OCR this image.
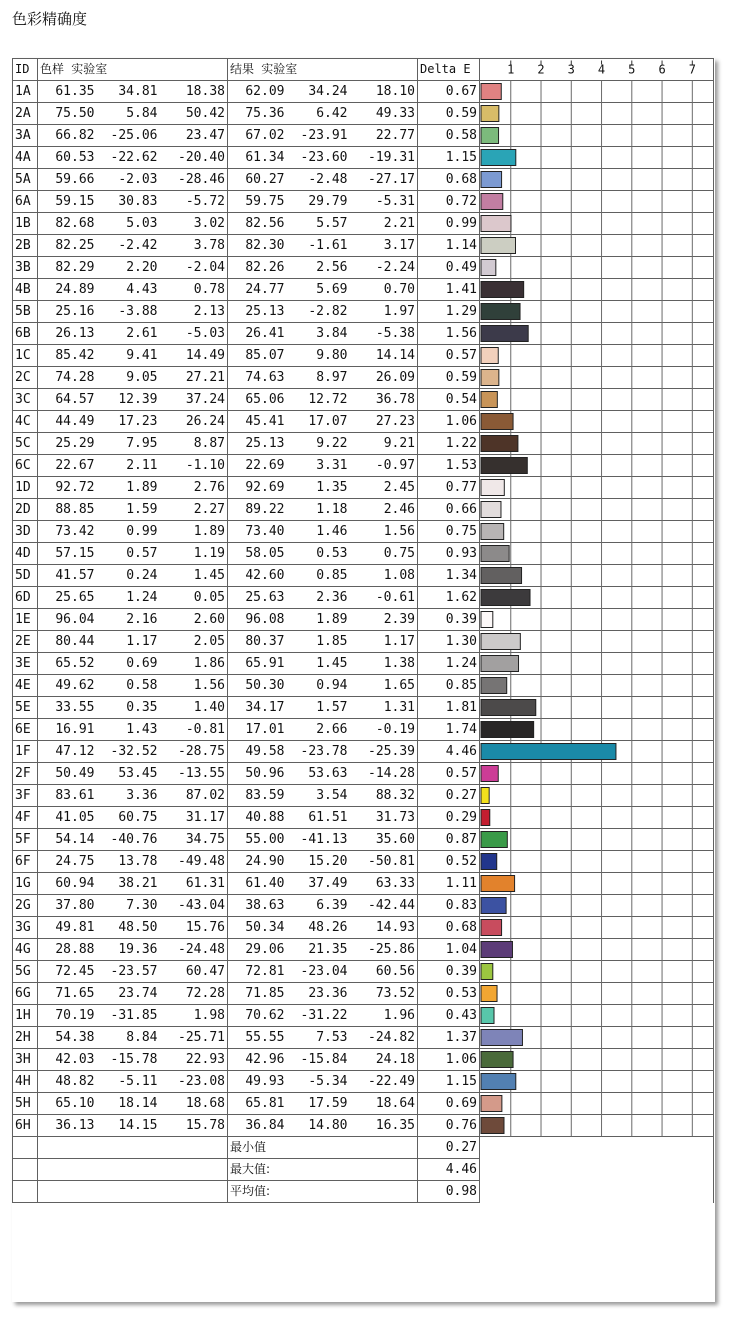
色彩精确度
ID	色样 实验室			结果 实验室			Delta E	
1A	61.35	34.81	18.38	62.09	34.24	18.10	0.67	
2A	75.50	5.84	50.42	75.36	6.42	49.33	0.59	
3A	66.82	-25.06	23.47	67.02	-23.91	22.77	0.58	
4A	60.53	-22.62	-20.40	61.34	-23.60	-19.31	1.15	
5A	59.66	-2.03	-28.46	60.27	-2.48	-27.17	0.68	
6A	59.15	30.83	-5.72	59.75	29.79	-5.31	0.72	
1B	82.68	5.03	3.02	82.56	5.57	2.21	0.99	
2B	82.25	-2.42	3.78	82.30	-1.61	3.17	1.14	
3B	82.29	2.20	-2.04	82.26	2.56	-2.24	0.49	
4B	24.89	4.43	0.78	24.77	5.69	0.70	1.41	
5B	25.16	-3.88	2.13	25.13	-2.82	1.97	1.29	
6B	26.13	2.61	-5.03	26.41	3.84	-5.38	1.56	
1C	85.42	9.41	14.49	85.07	9.80	14.14	0.57	
2C	74.28	9.05	27.21	74.63	8.97	26.09	0.59	
3C	64.57	12.39	37.24	65.06	12.72	36.78	0.54	
4C	44.49	17.23	26.24	45.41	17.07	27.23	1.06	
5C	25.29	7.95	8.87	25.13	9.22	9.21	1.22	
6C	22.67	2.11	-1.10	22.69	3.31	-0.97	1.53	
1D	92.72	1.89	2.76	92.69	1.35	2.45	0.77	
2D	88.85	1.59	2.27	89.22	1.18	2.46	0.66	
3D	73.42	0.99	1.89	73.40	1.46	1.56	0.75	
4D	57.15	0.57	1.19	58.05	0.53	0.75	0.93	
5D	41.57	0.24	1.45	42.60	0.85	1.08	1.34	
6D	25.65	1.24	0.05	25.63	2.36	-0.61	1.62	
1E	96.04	2.16	2.60	96.08	1.89	2.39	0.39	
2E	80.44	1.17	2.05	80.37	1.85	1.17	1.30	
3E	65.52	0.69	1.86	65.91	1.45	1.38	1.24	
4E	49.62	0.58	1.56	50.30	0.94	1.65	0.85	
5E	33.55	0.35	1.40	34.17	1.57	1.31	1.81	
6E	16.91	1.43	-0.81	17.01	2.66	-0.19	1.74	
1F	47.12	-32.52	-28.75	49.58	-23.78	-25.39	4.46	
2F	50.49	53.45	-13.55	50.96	53.63	-14.28	0.57	
3F	83.61	3.36	87.02	83.59	3.54	88.32	0.27	
4F	41.05	60.75	31.17	40.88	61.51	31.73	0.29	
5F	54.14	-40.76	34.75	55.00	-41.13	35.60	0.87	
6F	24.75	13.78	-49.48	24.90	15.20	-50.81	0.52	
1G	60.94	38.21	61.31	61.40	37.49	63.33	1.11	
2G	37.80	7.30	-43.04	38.63	6.39	-42.44	0.83	
3G	49.81	48.50	15.76	50.34	48.26	14.93	0.68	
4G	28.88	19.36	-24.48	29.06	21.35	-25.86	1.04	
5G	72.45	-23.57	60.47	72.81	-23.04	60.56	0.39	
6G	71.65	23.74	72.28	71.85	23.36	73.52	0.53	
1H	70.19	-31.85	1.98	70.62	-31.22	1.96	0.43	
2H	54.38	8.84	-25.71	55.55	7.53	-24.82	1.37	
3H	42.03	-15.78	22.93	42.96	-15.84	24.18	1.06	
4H	48.82	-5.11	-23.08	49.93	-5.34	-22.49	1.15	
5H	65.10	18.14	18.68	65.81	17.59	18.64	0.69	
6H	36.13	14.15	15.78	36.84	14.80	16.35	0.76	
				最小值			0.27	
				最大值:			4.46	
				平均值:			0.98	
1 2 3 4 5 6 7
